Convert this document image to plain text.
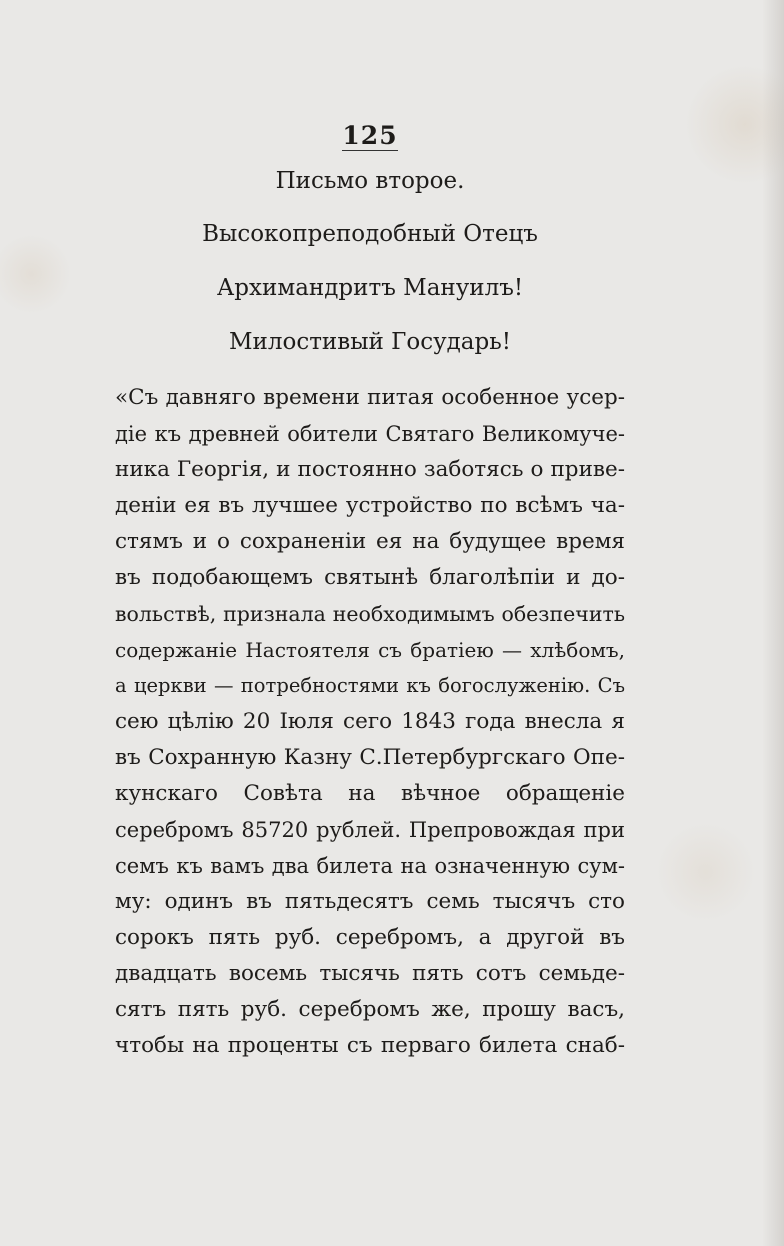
125
Письмо второе.
Высокопреподобный Отецъ
Архимандритъ Мануилъ!
Милостивый Государь!
«Съ давняго времени питая особенное усер-
діе къ древней обители Святаго Великомуче-
ника Георгія, и постоянно заботясь о приве-
деніи ея въ лучшее устройство по всѣмъ ча-
стямъ и о сохраненіи ея на будущее время
въ подобающемъ святынѣ благолѣпіи и до-
вольствѣ, признала необходимымъ обезпечить
содержаніе Настоятеля съ братіею — хлѣбомъ,
а церкви — потребностями къ богослуженію. Съ
сею цѣлію 20 Іюля сего 1843 года внесла я
въ Сохранную Казну С.Петербургскаго Опе-
кунскаго Совѣта на вѣчное обращеніе
серебромъ 85720 рублей. Препровождая при
семъ къ вамъ два билета на означенную сум-
му: одинъ въ пятьдесятъ семь тысячъ сто
сорокъ пять руб. серебромъ, а другой въ
двадцать восемь тысячь пять сотъ семьде-
сятъ пять руб. серебромъ же, прошу васъ,
чтобы на проценты съ перваго билета снаб-
